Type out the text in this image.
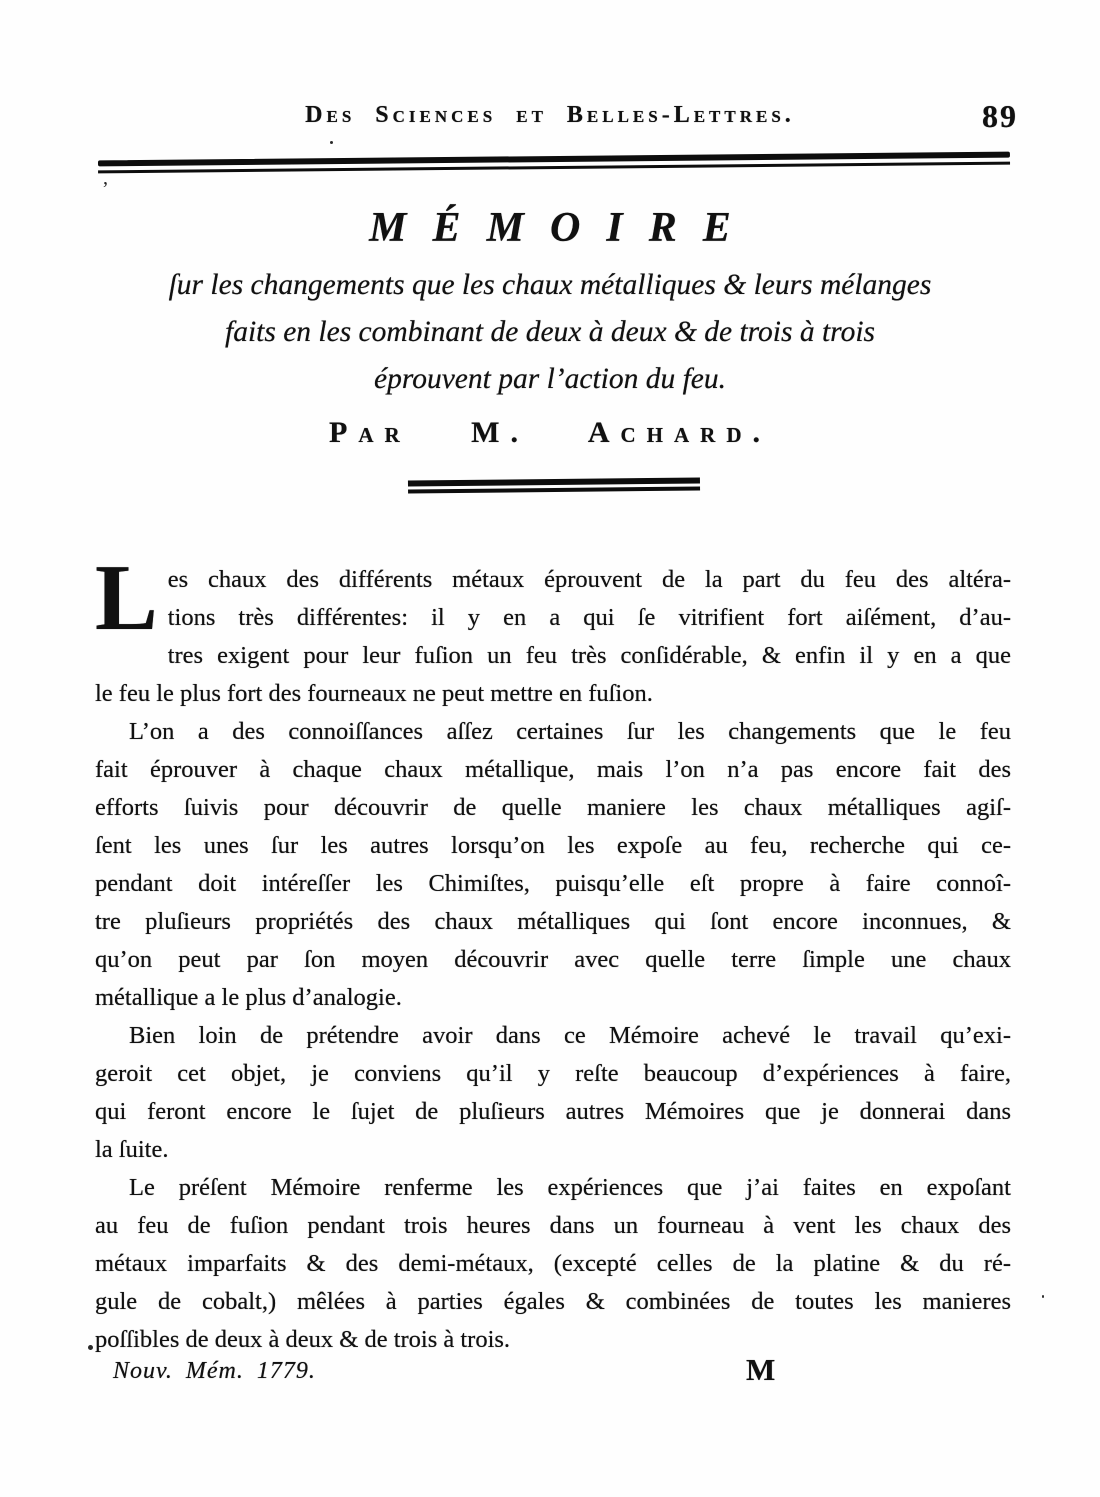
Des Sciences et Belles-Lettres.	89
’
MÉMOIRE
ſur les changements que les chaux métalliques & leurs mélanges
faits en les combinant de deux à deux & de trois à trois
éprouvent par l’action du feu.
Par M. Achard.
L es chaux des différents métaux éprouvent de la part du feu des altéra-
tions très différentes: il y en a qui ſe vitrifient fort aiſément, d’au-
tres exigent pour leur fuſion un feu très conſidérable, & enfin il y en a que
le feu le plus fort des fourneaux ne peut mettre en fuſion.
L’on a des connoiſſances aſſez certaines ſur les changements que le feu
fait éprouver à chaque chaux métallique, mais l’on n’a pas encore fait des
efforts ſuivis pour découvrir de quelle maniere les chaux métalliques agiſ-
ſent les unes ſur les autres lorsqu’on les expoſe au feu, recherche qui ce-
pendant doit intéreſſer les Chimiſtes, puisqu’elle eſt propre à faire connoî-
tre pluſieurs propriétés des chaux métalliques qui ſont encore inconnues, &
qu’on peut par ſon moyen découvrir avec quelle terre ſimple une chaux
métallique a le plus d’analogie.
Bien loin de prétendre avoir dans ce Mémoire achevé le travail qu’exi-
geroit cet objet, je conviens qu’il y reſte beaucoup d’expériences à faire,
qui feront encore le ſujet de pluſieurs autres Mémoires que je donnerai dans
la ſuite.
Le préſent Mémoire renferme les expériences que j’ai faites en expoſant
au feu de fuſion pendant trois heures dans un fourneau à vent les chaux des
métaux imparfaits & des demi-métaux, (excepté celles de la platine & du ré-
gule de cobalt,) mêlées à parties égales & combinées de toutes les manieres
poſſibles de deux à deux & de trois à trois.
Nouv. Mém. 1779.	M
